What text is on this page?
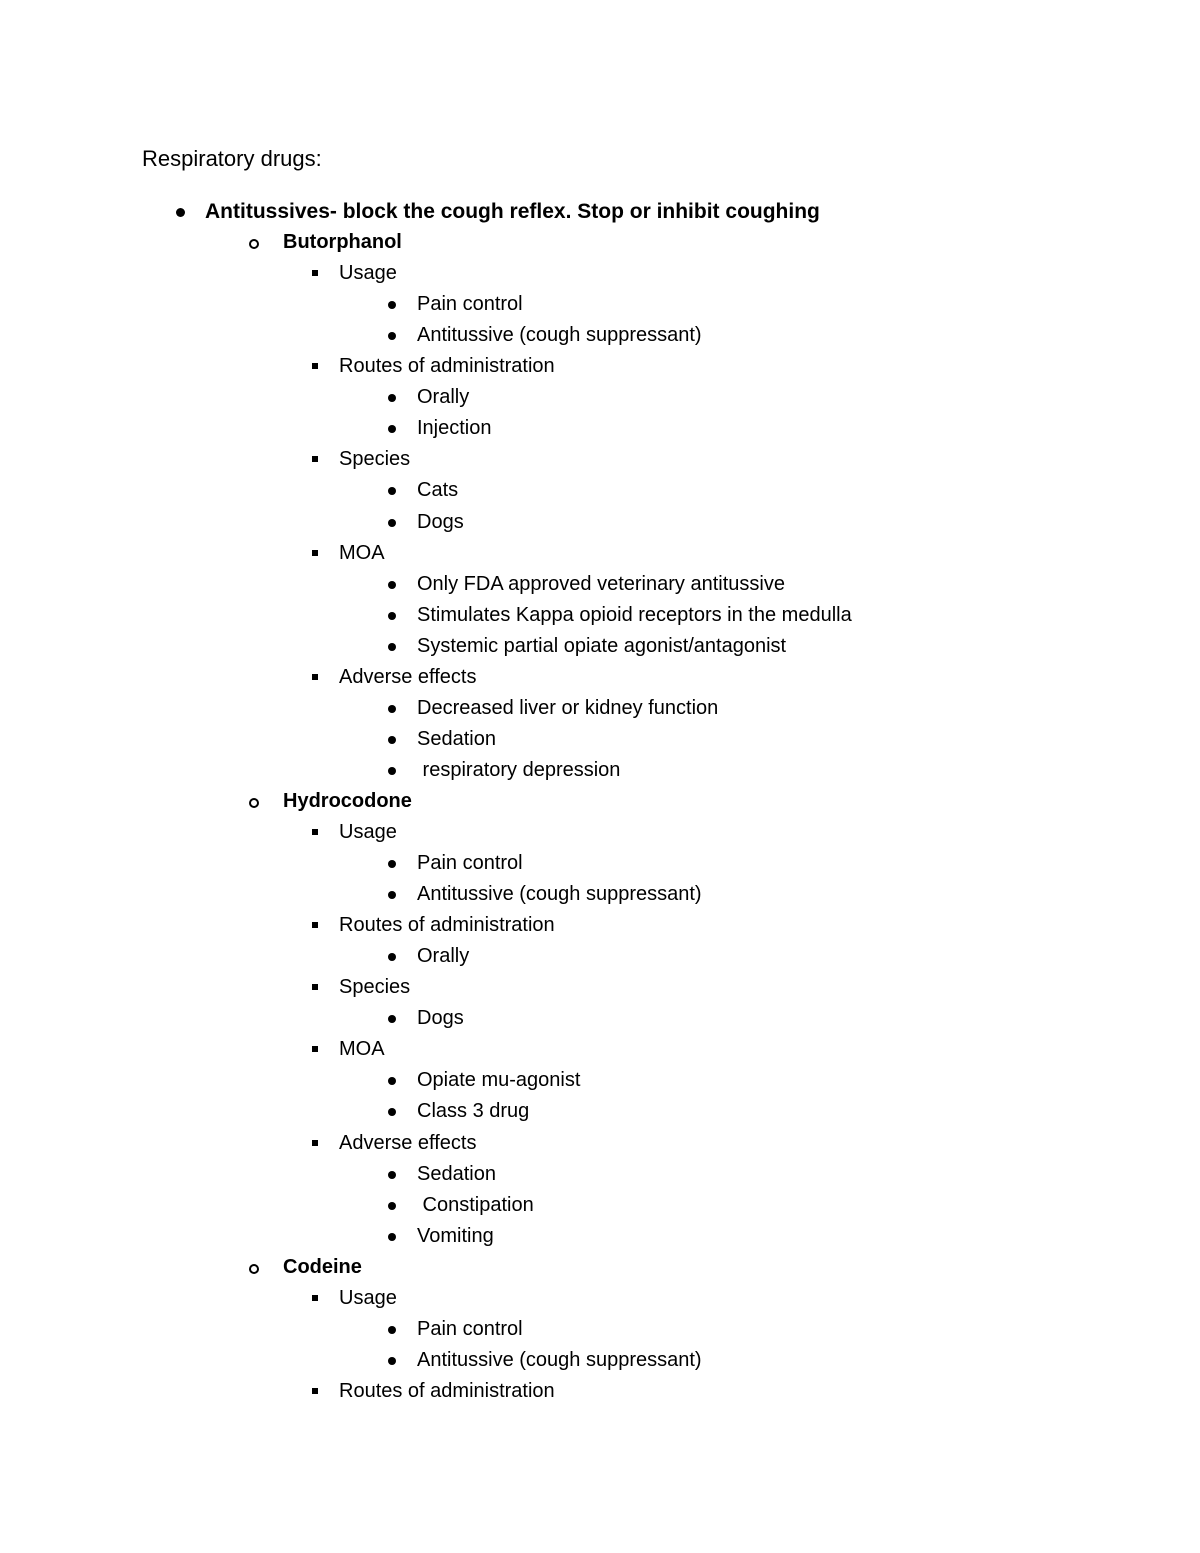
Respiratory drugs:
Antitussives- block the cough reflex. Stop or inhibit coughing
Butorphanol
Usage
Pain control
Antitussive (cough suppressant)
Routes of administration
Orally
Injection
Species
Cats
Dogs
MOA
Only FDA approved veterinary antitussive
Stimulates Kappa opioid receptors in the medulla
Systemic partial opiate agonist/antagonist
Adverse effects
Decreased liver or kidney function
Sedation
respiratory depression
Hydrocodone
Usage
Pain control
Antitussive (cough suppressant)
Routes of administration
Orally
Species
Dogs
MOA
Opiate mu-agonist
Class 3 drug
Adverse effects
Sedation
Constipation
Vomiting
Codeine
Usage
Pain control
Antitussive (cough suppressant)
Routes of administration
